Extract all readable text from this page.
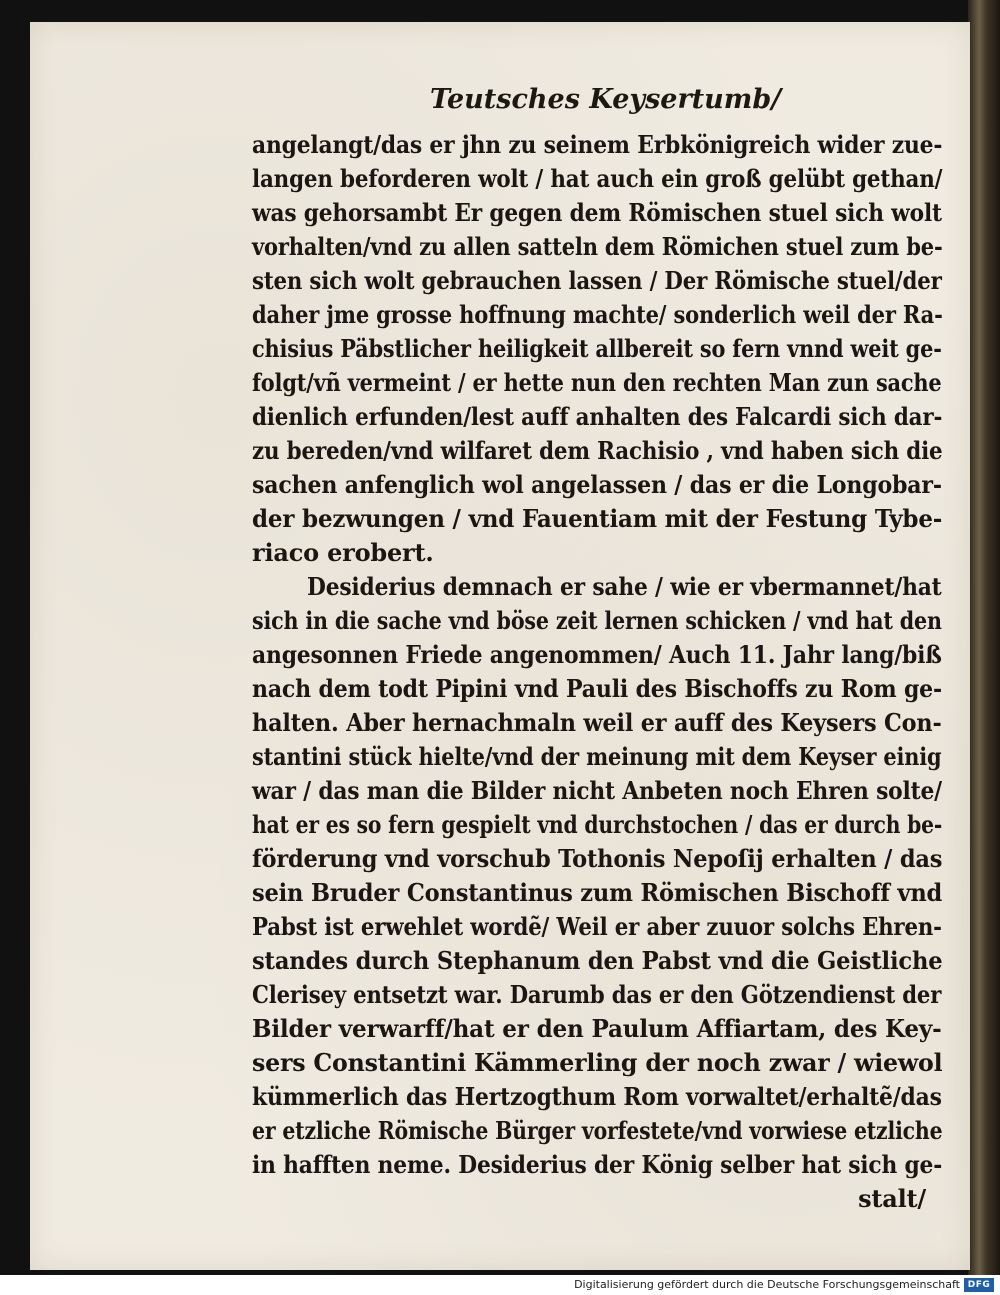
Teutsches Keysertumb/
angelangt/das er jhn zu seinem Erbkönigreich wider zue-
langen beforderen wolt / hat auch ein groß gelübt gethan/
was gehorsambt Er gegen dem Römischen stuel sich wolt
vorhalten/vnd zu allen satteln dem Römichen stuel zum be-
sten sich wolt gebrauchen lassen / Der Römische stuel/der
daher jme grosse hoffnung machte/ sonderlich weil der Ra-
chisius Päbstlicher heiligkeit allbereit so fern vnnd weit ge-
folgt/vñ vermeint / er hette nun den rechten Man zun sache
dienlich erfunden/lest auff anhalten des Falcardi sich dar-
zu bereden/vnd wilfaret dem Rachisio , vnd haben sich die
sachen anfenglich wol angelassen / das er die Longobar-
der bezwungen / vnd Fauentiam mit der Festung Tybe-
riaco erobert.
Desiderius demnach er sahe / wie er vbermannet/hat
sich in die sache vnd böse zeit lernen schicken / vnd hat den
angesonnen Friede angenommen/ Auch 11. Jahr lang/biß
nach dem todt Pipini vnd Pauli des Bischoffs zu Rom ge-
halten. Aber hernachmaln weil er auff des Keysers Con-
stantini stück hielte/vnd der meinung mit dem Keyser einig
war / das man die Bilder nicht Anbeten noch Ehren solte/
hat er es so fern gespielt vnd durchstochen / das er durch be-
förderung vnd vorschub Tothonis Nepoſij erhalten / das
sein Bruder Constantinus zum Römischen Bischoff vnd
Pabst ist erwehlet wordẽ/ Weil er aber zuuor solchs Ehren-
standes durch Stephanum den Pabst vnd die Geistliche
Clerisey entsetzt war. Darumb das er den Götzendienst der
Bilder verwarff/hat er den Paulum Affiartam, des Key-
sers Constantini Kämmerling der noch zwar / wiewol
kümmerlich das Hertzogthum Rom vorwaltet/erhaltẽ/das
er etzliche Römische Bürger vorfestete/vnd vorwiese etzliche
in hafften neme. Desiderius der König selber hat sich ge-
stalt/
Digitalisierung gefördert durch die Deutsche Forschungsgemeinschaft DFG
